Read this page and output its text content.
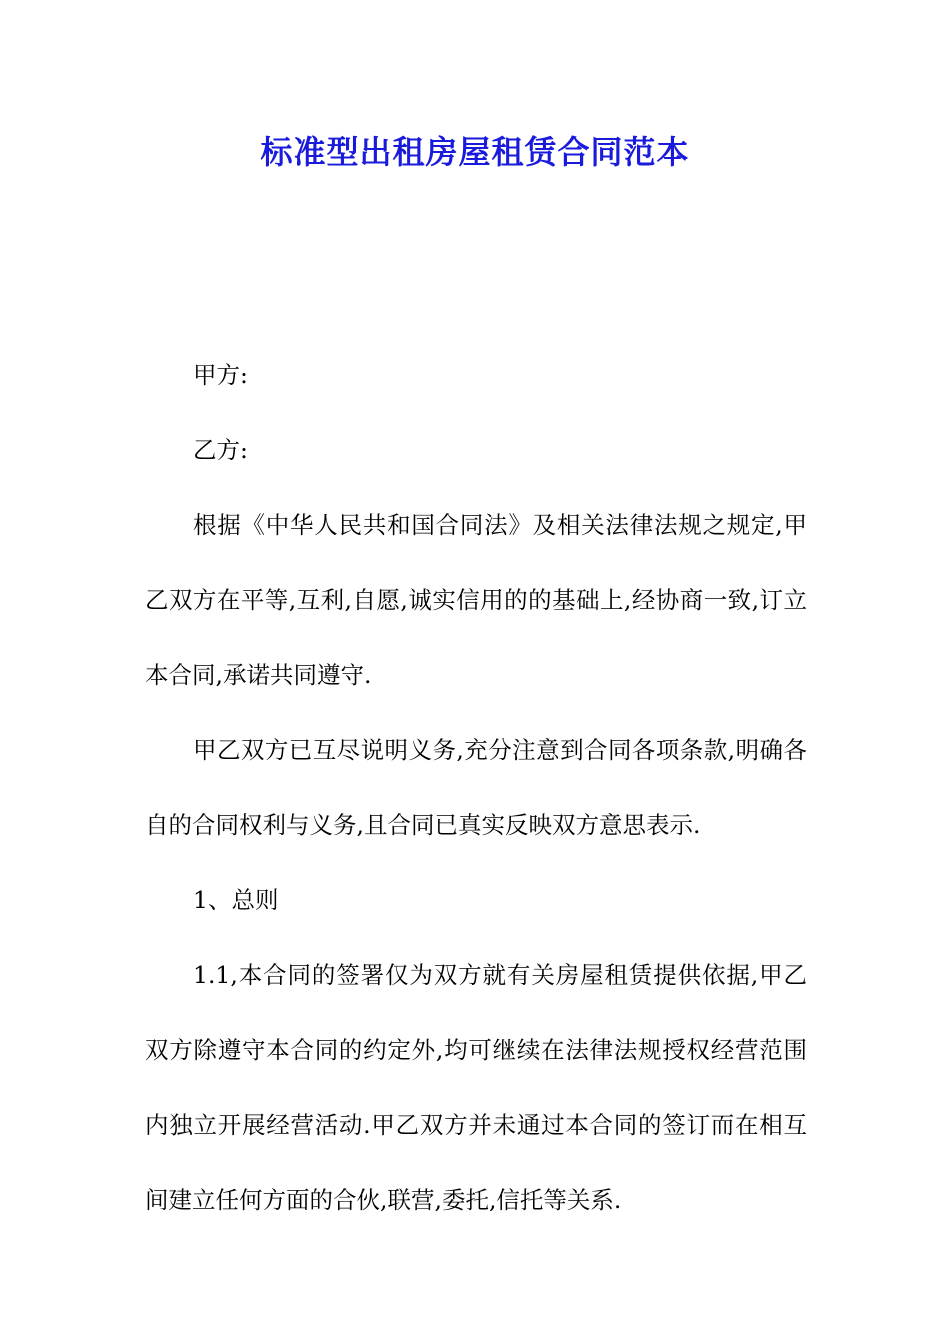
标准型出租房屋租赁合同范本

甲方:

乙方:

根据《中华人民共和国合同法》及相关法律法规之规定,甲乙双方在平等,互利,自愿,诚实信用的的基础上,经协商一致,订立本合同,承诺共同遵守.

甲乙双方已互尽说明义务,充分注意到合同各项条款,明确各自的合同权利与义务,且合同已真实反映双方意思表示.

1、总则

1.1,本合同的签署仅为双方就有关房屋租赁提供依据,甲乙双方除遵守本合同的约定外,均可继续在法律法规授权经营范围内独立开展经营活动.甲乙双方并未通过本合同的签订而在相互间建立任何方面的合伙,联营,委托,信托等关系.
